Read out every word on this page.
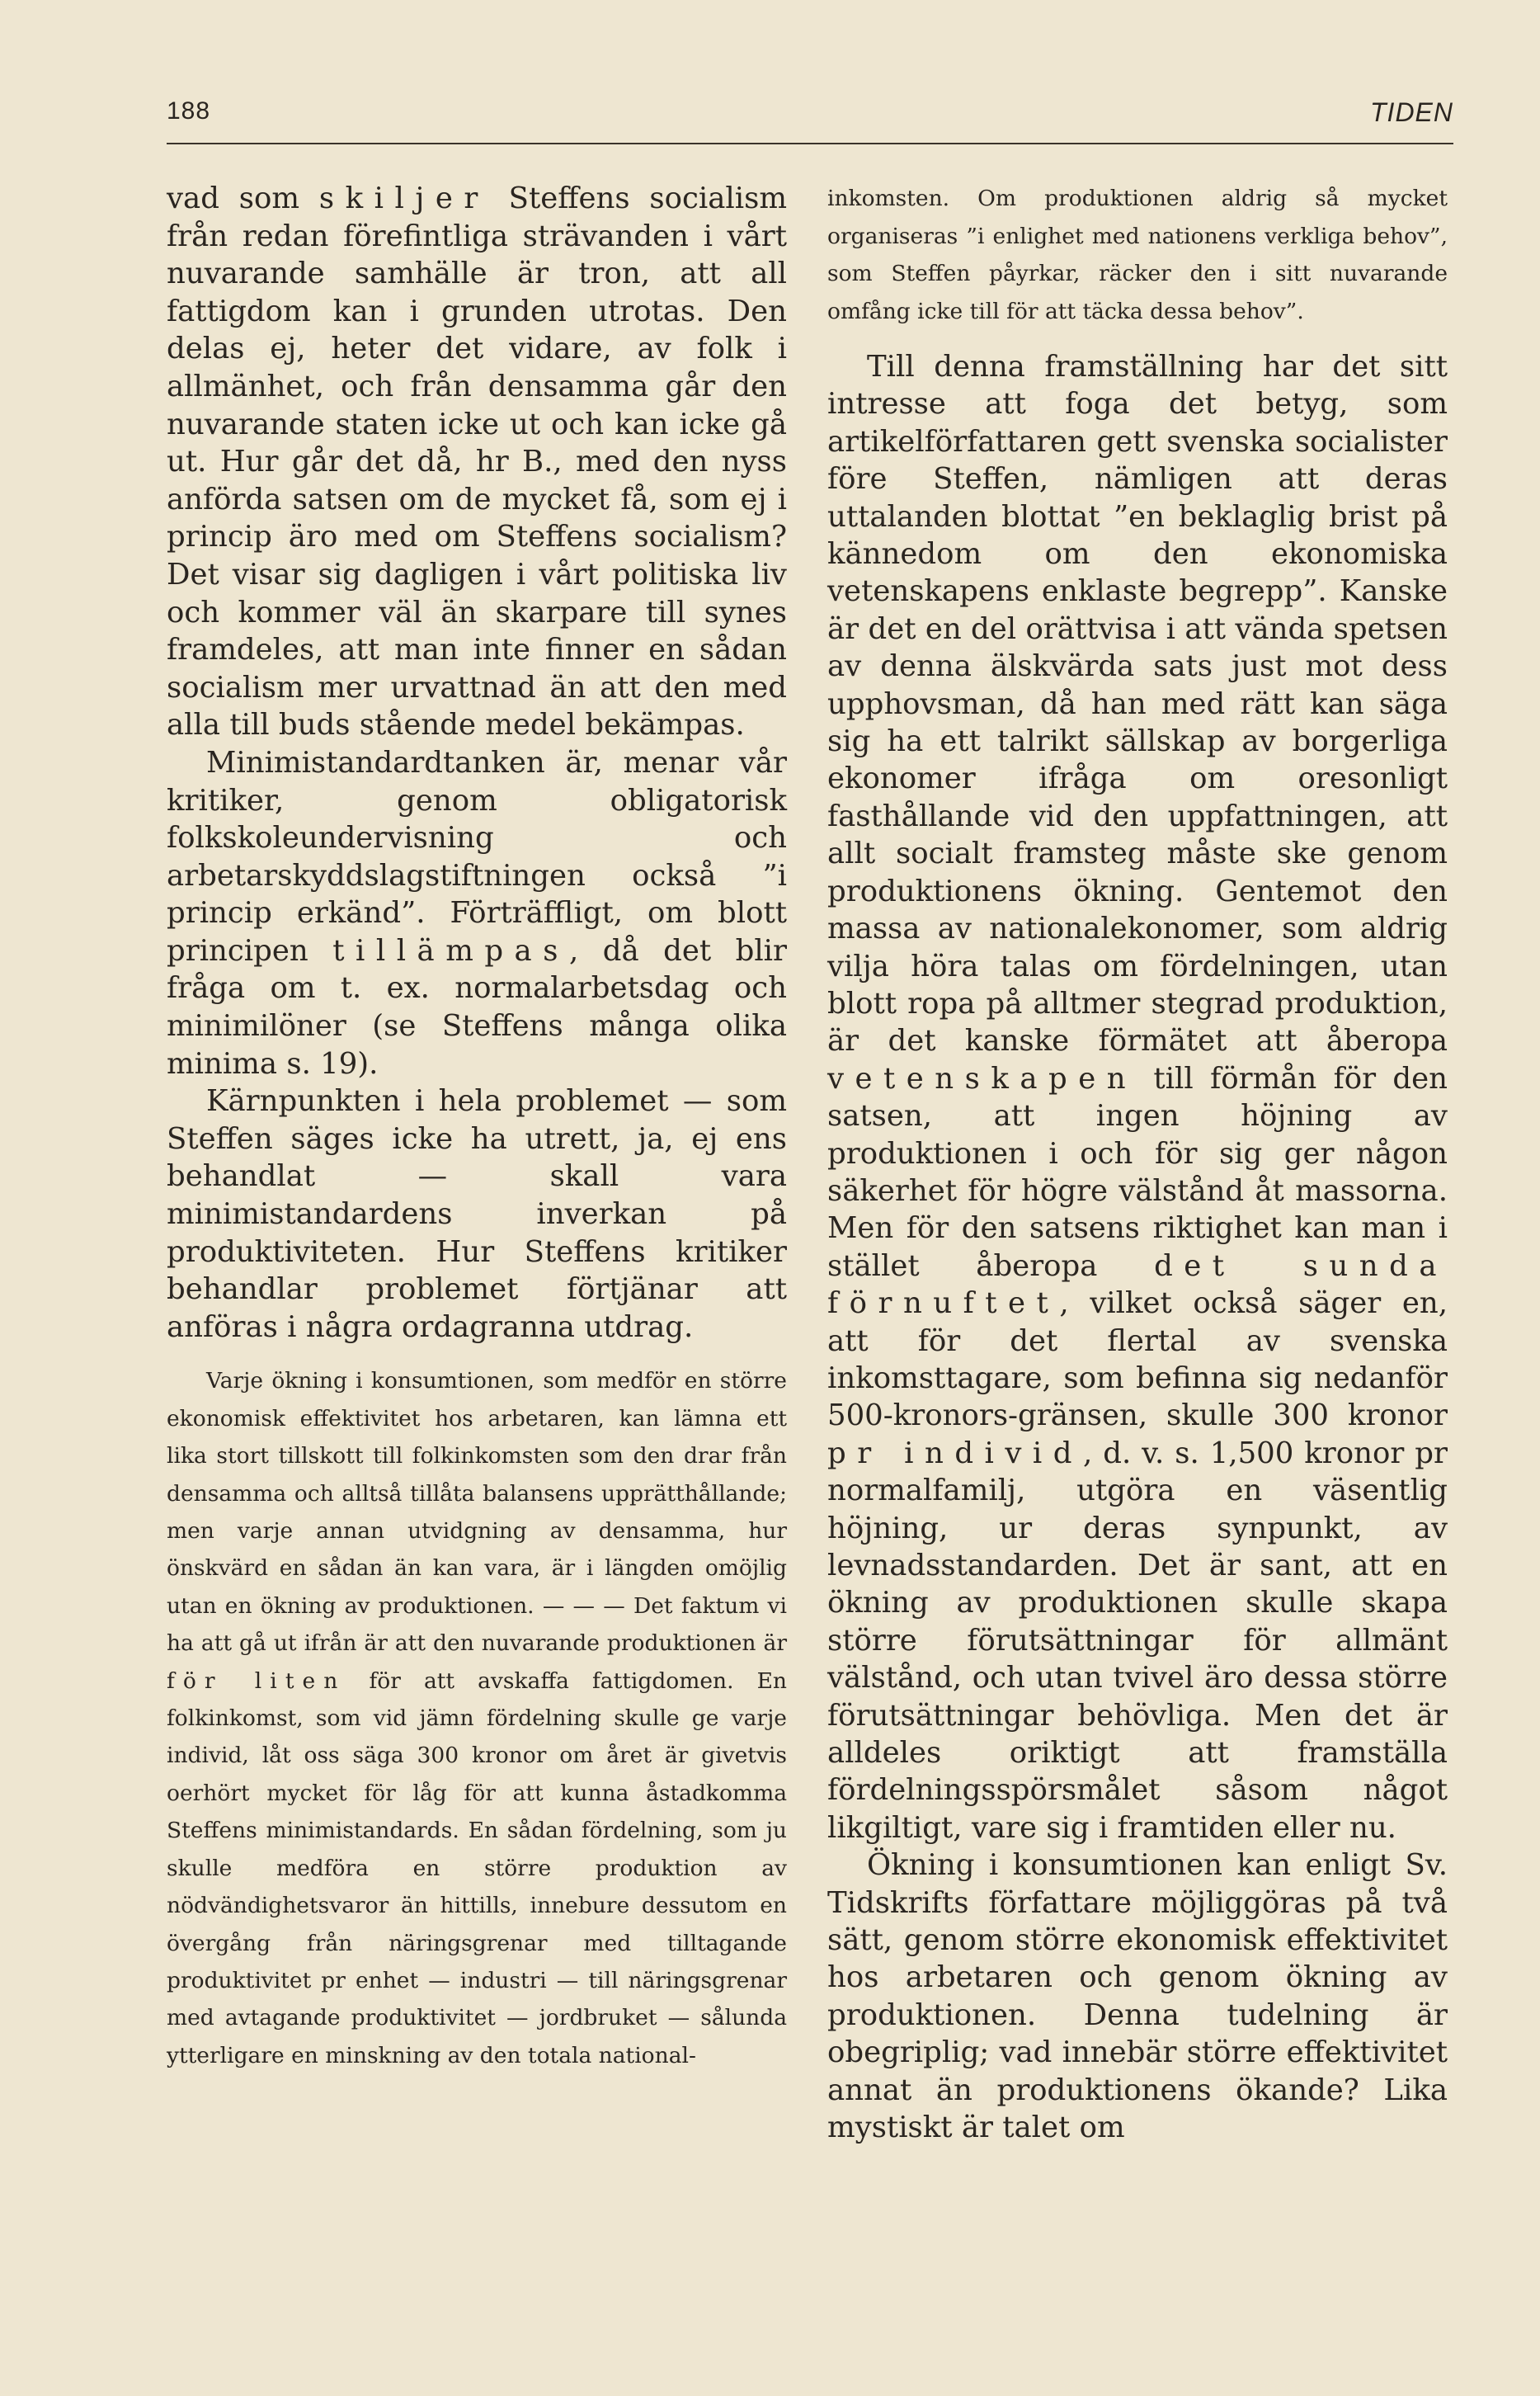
188	TIDEN

vad som skiljer Steffens socialism från redan förefintliga strävanden i vårt nuvarande samhälle är tron, att all fattigdom kan i grunden utrotas. Den delas ej, heter det vidare, av folk i allmänhet, och från densamma går den nuvarande staten icke ut och kan icke gå ut. Hur går det då, hr B., med den nyss anförda satsen om de mycket få, som ej i princip äro med om Steffens socialism? Det visar sig dagligen i vårt politiska liv och kommer väl än skarpare till synes framdeles, att man inte finner en sådan socialism mer urvattnad än att den med alla till buds stående medel bekämpas.

Minimistandardtanken är, menar vår kritiker, genom obligatorisk folkskoleundervisning och arbetarskyddslagstiftningen också ”i princip erkänd”. Förträffligt, om blott principen tillämpas, då det blir fråga om t. ex. normalarbetsdag och minimilöner (se Steffens många olika minima s. 19).

Kärnpunkten i hela problemet — som Steffen säges icke ha utrett, ja, ej ens behandlat — skall vara minimistandardens inverkan på produktiviteten. Hur Steffens kritiker behandlar problemet förtjänar att anföras i några ordagranna utdrag.

Varje ökning i konsumtionen, som medför en större ekonomisk effektivitet hos arbetaren, kan lämna ett lika stort tillskott till folkinkomsten som den drar från densamma och alltså tillåta balansens upprätthållande; men varje annan utvidgning av densamma, hur önskvärd en sådan än kan vara, är i längden omöjlig utan en ökning av produktionen. — — — Det faktum vi ha att gå ut ifrån är att den nuvarande produktionen är för liten för att avskaffa fattigdomen. En folkinkomst, som vid jämn fördelning skulle ge varje individ, låt oss säga 300 kronor om året är givetvis oerhört mycket för låg för att kunna åstadkomma Steffens minimistandards. En sådan fördelning, som ju skulle medföra en större produktion av nödvändighetsvaror än hittills, innebure dessutom en övergång från näringsgrenar med tilltagande produktivitet pr enhet — industri — till näringsgrenar med avtagande produktivitet — jordbruket — sålunda ytterligare en minskning av den totala national-

inkomsten. Om produktionen aldrig så mycket organiseras ”i enlighet med nationens verkliga behov”, som Steffen påyrkar, räcker den i sitt nuvarande omfång icke till för att täcka dessa behov”.

Till denna framställning har det sitt intresse att foga det betyg, som artikelförfattaren gett svenska socialister före Steffen, nämligen att deras uttalanden blottat ”en beklaglig brist på kännedom om den ekonomiska vetenskapens enklaste begrepp”. Kanske är det en del orättvisa i att vända spetsen av denna älskvärda sats just mot dess upphovsman, då han med rätt kan säga sig ha ett talrikt sällskap av borgerliga ekonomer ifråga om oresonligt fasthållande vid den uppfattningen, att allt socialt framsteg måste ske genom produktionens ökning. Gentemot den massa av nationalekonomer, som aldrig vilja höra talas om fördelningen, utan blott ropa på alltmer stegrad produktion, är det kanske förmätet att åberopa vetenskapen till förmån för den satsen, att ingen höjning av produktionen i och för sig ger någon säkerhet för högre välstånd åt massorna. Men för den satsens riktighet kan man i stället åberopa det sunda förnuftet, vilket också säger en, att för det flertal av svenska inkomsttagare, som befinna sig nedanför 500-kronors-gränsen, skulle 300 kronor pr individ, d. v. s. 1,500 kronor pr normalfamilj, utgöra en väsentlig höjning, ur deras synpunkt, av levnadsstandarden. Det är sant, att en ökning av produktionen skulle skapa större förutsättningar för allmänt välstånd, och utan tvivel äro dessa större förutsättningar behövliga. Men det är alldeles oriktigt att framställa fördelningsspörsmålet såsom något likgiltigt, vare sig i framtiden eller nu.

Ökning i konsumtionen kan enligt Sv. Tidskrifts författare möjliggöras på två sätt, genom större ekonomisk effektivitet hos arbetaren och genom ökning av produktionen. Denna tudelning är obegriplig; vad innebär större effektivitet annat än produktionens ökande? Lika mystiskt är talet om
